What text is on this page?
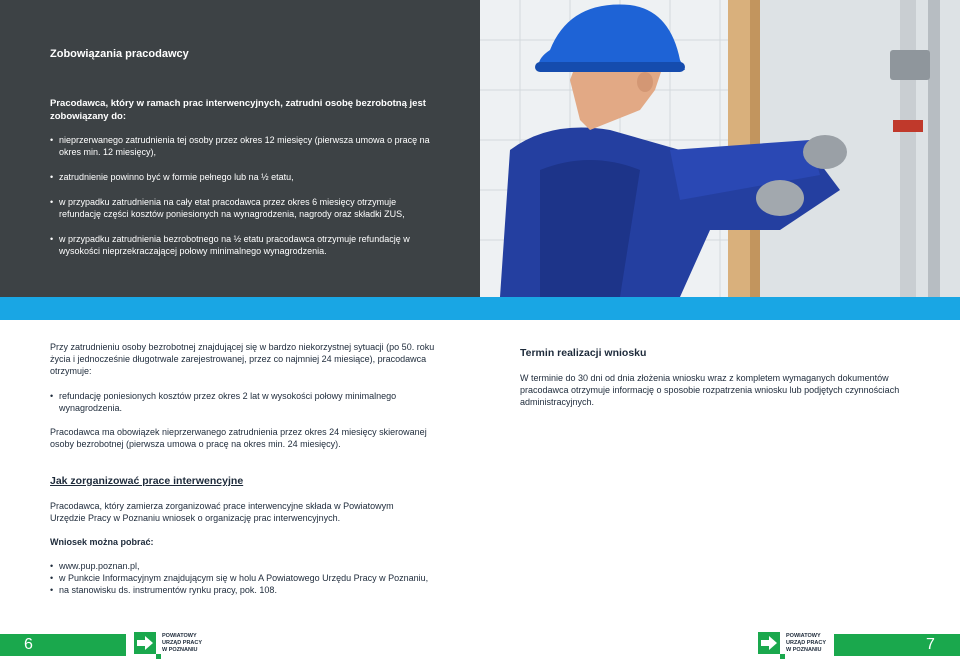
Zobowiązania pracodawcy
Pracodawca, który w ramach prac interwencyjnych, zatrudni osobę bezrobotną jest zobowiązany do:
• nieprzerwanego zatrudnienia tej osoby przez okres 12 miesięcy (pierwsza umowa o pracę na okres min. 12 miesięcy),
• zatrudnienie powinno być w formie pełnego lub na ½ etatu,
• w przypadku zatrudnienia na cały etat pracodawca przez okres 6 miesięcy otrzymuje refundację części kosztów poniesionych na wynagrodzenia, nagrody oraz składki ZUS,
• w przypadku zatrudnienia bezrobotnego na ½ etatu pracodawca otrzymuje refundację w wysokości nieprzekraczającej połowy minimalnego wynagrodzenia.
Przy zatrudnieniu osoby bezrobotnej znajdującej się w bardzo niekorzystnej sytuacji (po 50. roku życia i jednocześnie długotrwale zarejestrowanej, przez co najmniej 24 miesiące), pracodawca otrzymuje:
• refundację poniesionych kosztów przez okres 2 lat w wysokości połowy minimalnego wynagrodzenia.
Pracodawca ma obowiązek nieprzerwanego zatrudnienia przez okres 24 miesięcy skierowanej osoby bezrobotnej (pierwsza umowa o pracę na okres min. 24 miesięcy).
Jak zorganizować prace interwencyjne
Pracodawca, który zamierza zorganizować prace interwencyjne składa w Powiatowym Urzędzie Pracy w Poznaniu wniosek o organizację prac interwencyjnych.
Wniosek można pobrać:
• www.pup.poznan.pl,
• w Punkcie Informacyjnym znajdującym się w holu A Powiatowego Urzędu Pracy w Poznaniu,
• na stanowisku ds. instrumentów rynku pracy, pok. 108.
Termin realizacji wniosku
W terminie do 30 dni od dnia złożenia wniosku wraz z kompletem wymaganych dokumentów pracodawca otrzymuje informację o sposobie rozpatrzenia wniosku lub podjętych czynnościach administracyjnych.
6	POWIATOWY
URZĄD PRACY
W POZNANIU
POWIATOWY
URZĄD PRACY
W POZNANIU	7
